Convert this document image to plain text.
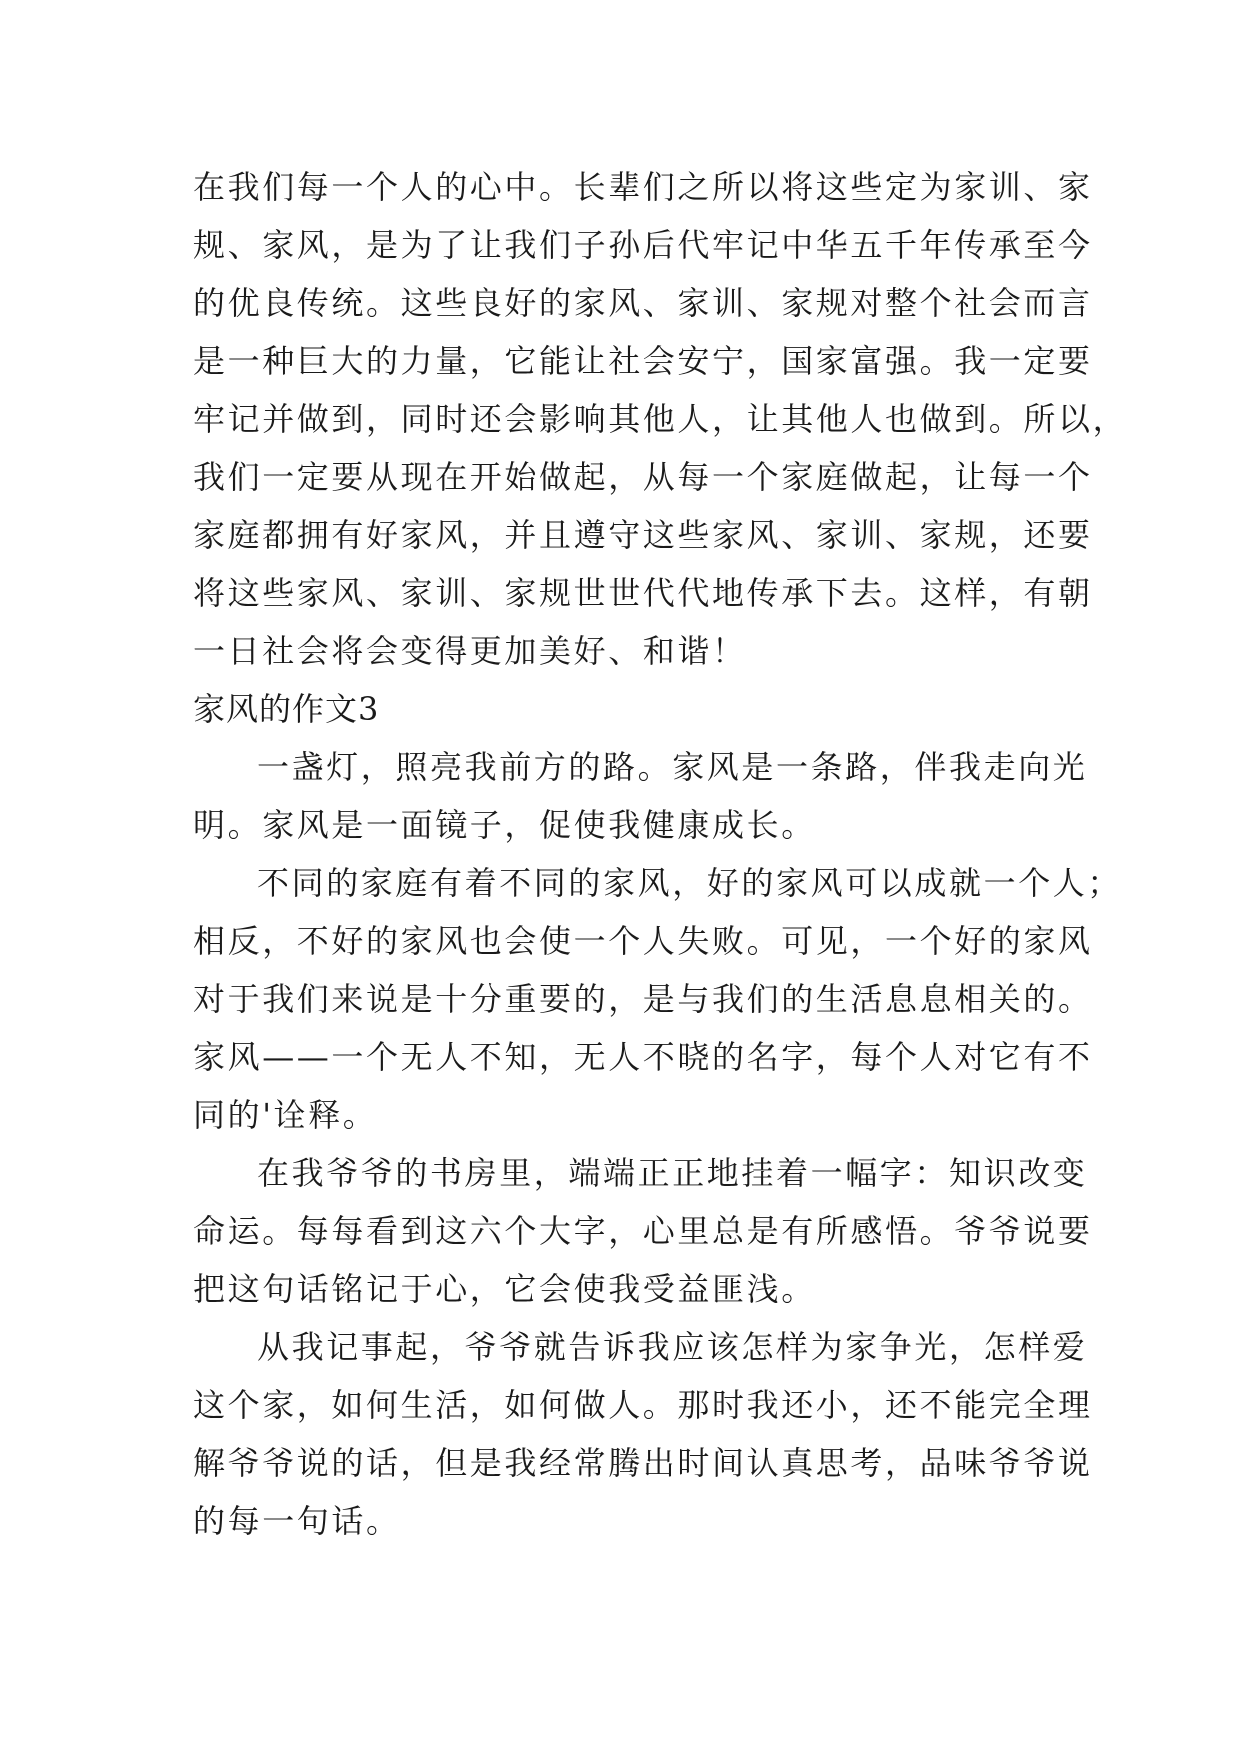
在我们每一个人的心中。长辈们之所以将这些定为家训、家
规、家风，是为了让我们子孙后代牢记中华五千年传承至今
的优良传统。这些良好的家风、家训、家规对整个社会而言
是一种巨大的力量，它能让社会安宁，国家富强。我一定要
牢记并做到，同时还会影响其他人，让其他人也做到。所以，
我们一定要从现在开始做起，从每一个家庭做起，让每一个
家庭都拥有好家风，并且遵守这些家风、家训、家规，还要
将这些家风、家训、家规世世代代地传承下去。这样，有朝
一日社会将会变得更加美好、和谐！
家风的作文3
一盏灯，照亮我前方的路。家风是一条路，伴我走向光
明。家风是一面镜子，促使我健康成长。
不同的家庭有着不同的家风，好的家风可以成就一个人；
相反，不好的家风也会使一个人失败。可见，一个好的家风
对于我们来说是十分重要的，是与我们的生活息息相关的。
家风——一个无人不知，无人不晓的名字，每个人对它有不
同的'诠释。
在我爷爷的书房里，端端正正地挂着一幅字：知识改变
命运。每每看到这六个大字，心里总是有所感悟。爷爷说要
把这句话铭记于心，它会使我受益匪浅。
从我记事起，爷爷就告诉我应该怎样为家争光，怎样爱
这个家，如何生活，如何做人。那时我还小，还不能完全理
解爷爷说的话，但是我经常腾出时间认真思考，品味爷爷说
的每一句话。
